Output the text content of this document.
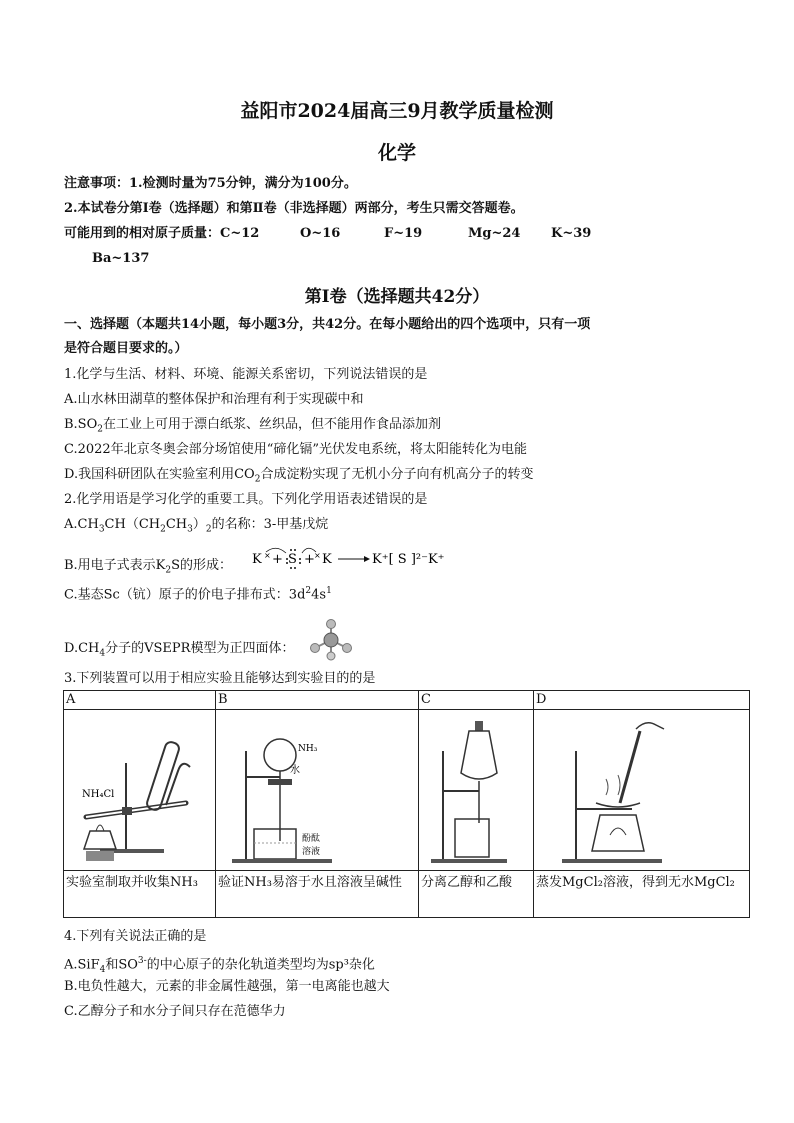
益阳市2024届高三9月教学质量检测
化学
注意事项：1.检测时量为75分钟，满分为100分。
2.本试卷分第Ⅰ卷（选择题）和第Ⅱ卷（非选择题）两部分，考生只需交答题卷。
可能用到的相对原子质量：C~12	O~16	F~19	Mg~24 K~39
Ba~137
第Ⅰ卷（选择题共42分）
一、选择题（本题共14小题，每小题3分，共42分。在每小题给出的四个选项中，只有一项
是符合题目要求的。）
1.化学与生活、材料、环境、能源关系密切，下列说法错误的是
A.山水林田湖草的整体保护和治理有利于实现碳中和
$B.SO_2$在工业上可用于漂白纸浆、丝织品，但不能用作食品添加剂
C.2022年北京冬奥会部分场馆使用“碲化镉”光伏发电系统，将太阳能转化为电能
D.我国科研团队在实验室利用$CO_2$合成淀粉实现了无机小分子向有机高分子的转变
2.化学用语是学习化学的重要工具。下列化学用语表述错误的是
$A.CH_3CH(CH_2CH_3)_2$的名称：3-甲基戊烷
B.用电子式表示$K_2S$的形成： K × + S + × K	K⁺[ S ]²⁻K⁺
C.基态Sc（钪）原子的价电子排布式：$3d^24s^1$
$D.CH_4$分子的VSEPR模型为正四面体：
3.下列装置可以用于相应实验且能够达到实验目的的是
A	B	C	D

NH₄Cl	NH₃
水
酚酞
溶液

实验室制取并收集NH₃	验证NH₃易溶于水且溶液呈碱性	分离乙醇和乙酸	蒸发MgCl₂溶液，得到无水MgCl₂
4.下列有关说法正确的是
A.SiF$_4$和$SO^{3-}$的中心原子的杂化轨道类型均为sp³杂化
B.电负性越大，元素的非金属性越强，第一电离能也越大
C.乙醇分子和水分子间只存在范德华力
